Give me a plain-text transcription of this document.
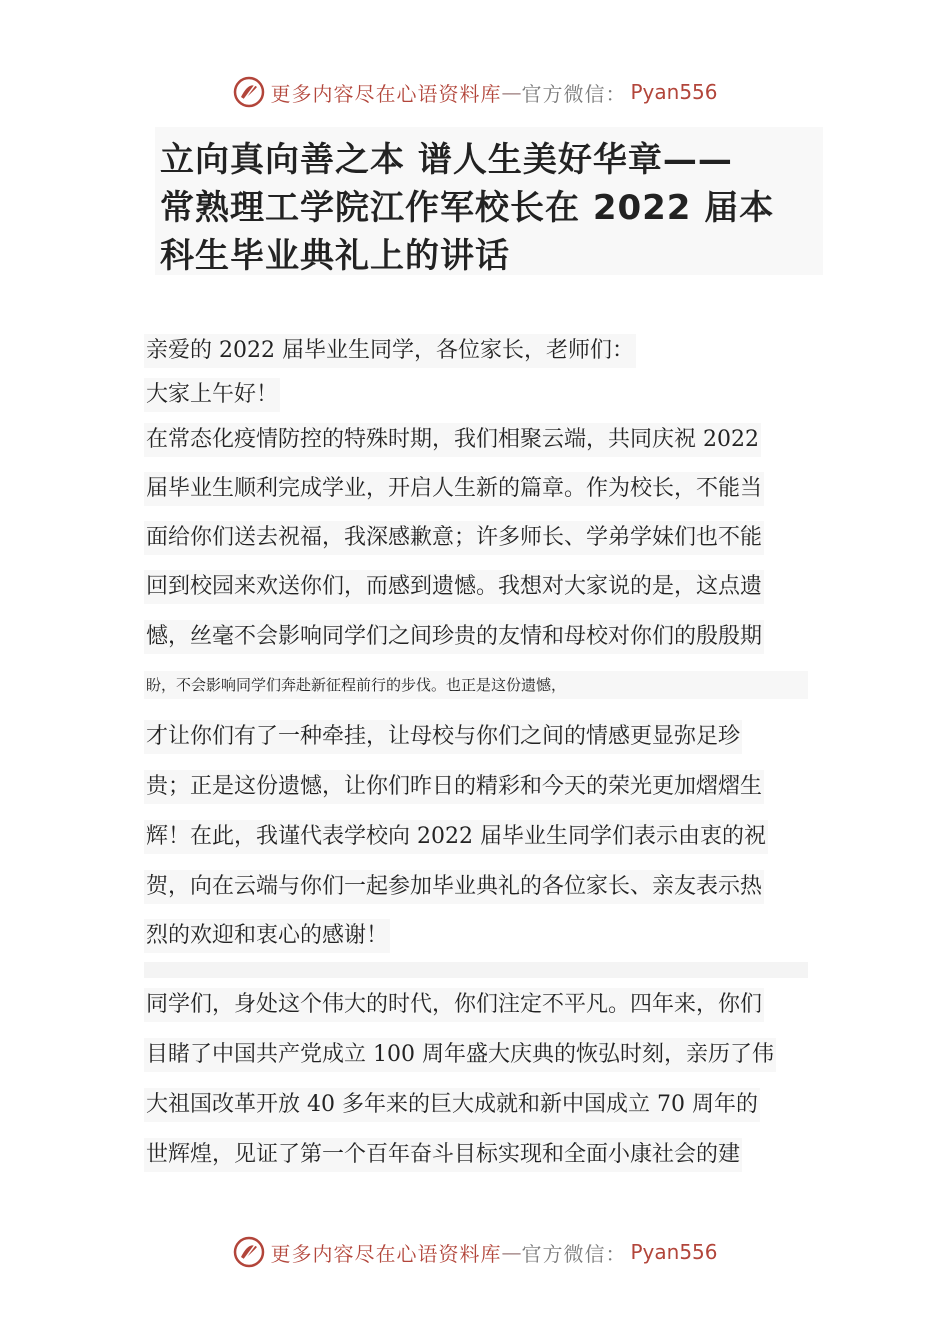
更多内容尽在心语资料库 — 官方微信： Pyan556
立向真向善之本 谱人生美好华章——
常熟理工学院江作军校长在 2022 届本
科生毕业典礼上的讲话
亲爱的 2022 届毕业生同学，各位家长，老师们：
大家上午好！
在常态化疫情防控的特殊时期，我们相聚云端，共同庆祝 2022
届毕业生顺利完成学业，开启人生新的篇章。作为校长，不能当
面给你们送去祝福，我深感歉意；许多师长、学弟学妹们也不能
回到校园来欢送你们，而感到遗憾。我想对大家说的是，这点遗
憾，丝毫不会影响同学们之间珍贵的友情和母校对你们的殷殷期
盼，不会影响同学们奔赴新征程前行的步伐。也正是这份遗憾，
才让你们有了一种牵挂，让母校与你们之间的情感更显弥足珍
贵；正是这份遗憾，让你们昨日的精彩和今天的荣光更加熠熠生
辉！在此，我谨代表学校向 2022 届毕业生同学们表示由衷的祝
贺，向在云端与你们一起参加毕业典礼的各位家长、亲友表示热
烈的欢迎和衷心的感谢！
同学们，身处这个伟大的时代，你们注定不平凡。四年来，你们
目睹了中国共产党成立 100 周年盛大庆典的恢弘时刻，亲历了伟
大祖国改革开放 40 多年来的巨大成就和新中国成立 70 周年的
世辉煌，见证了第一个百年奋斗目标实现和全面小康社会的建
更多内容尽在心语资料库 — 官方微信： Pyan556
